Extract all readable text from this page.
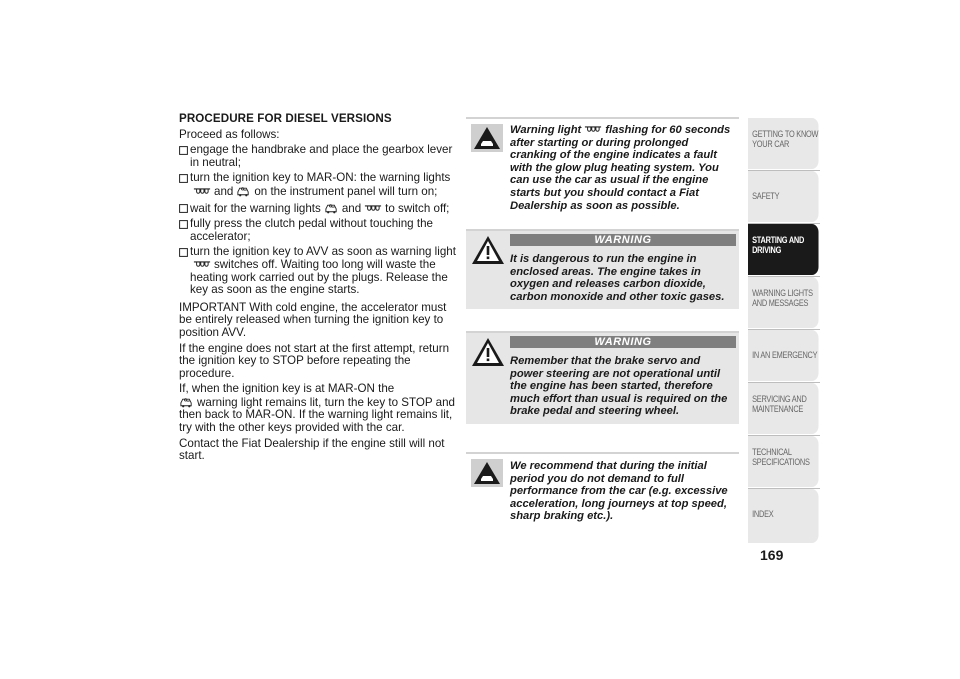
PROCEDURE FOR DIESEL VERSIONS

Proceed as follows:

engage the handbrake and place the gearbox lever in neutral;
turn the ignition key to MAR-ON: the warning lightsand on the instrument panel will turn on;
wait for the warning lights and to switch off;
fully press the clutch pedal without touching the accelerator;
turn the ignition key to AVV as soon as warning lightswitches off. Waiting too long will waste the heating work carried out by the plugs. Release the key as soon as the engine starts.

IMPORTANT With cold engine, the accelerator must be entirely released when turning the ignition key to position AVV.

If the engine does not start at the first attempt, return the ignition key to STOP before repeating the procedure.

If, when the ignition key is at MAR-ON the
warning light remains lit, turn the key to STOP and then back to MAR-ON. If the warning light remains lit, try with the other keys provided with the car.

Contact the Fiat Dealership if the engine still will not start.

Warning light flashing for 60 seconds after starting or during prolonged cranking of the engine indicates a fault with the glow plug heating system. You can use the car as usual if the engine starts but you should contact a Fiat Dealership as soon as possible.
WARNING
It is dangerous to run the engine in enclosed areas. The engine takes in oxygen and releases carbon dioxide, carbon monoxide and other toxic gases.
WARNING
Remember that the brake servo and power steering are not operational until the engine has been started, therefore much effort than usual is required on the brake pedal and steering wheel.
We recommend that during the initial period you do not demand to full performance from the car (e.g. excessive acceleration, long journeys at top speed, sharp braking etc.).
GETTING TO KNOW YOUR CAR
SAFETY
STARTING AND DRIVING
WARNING LIGHTS AND MESSAGES
IN AN EMERGENCY
SERVICING AND MAINTENANCE
TECHNICAL SPECIFICATIONS
INDEX
169
